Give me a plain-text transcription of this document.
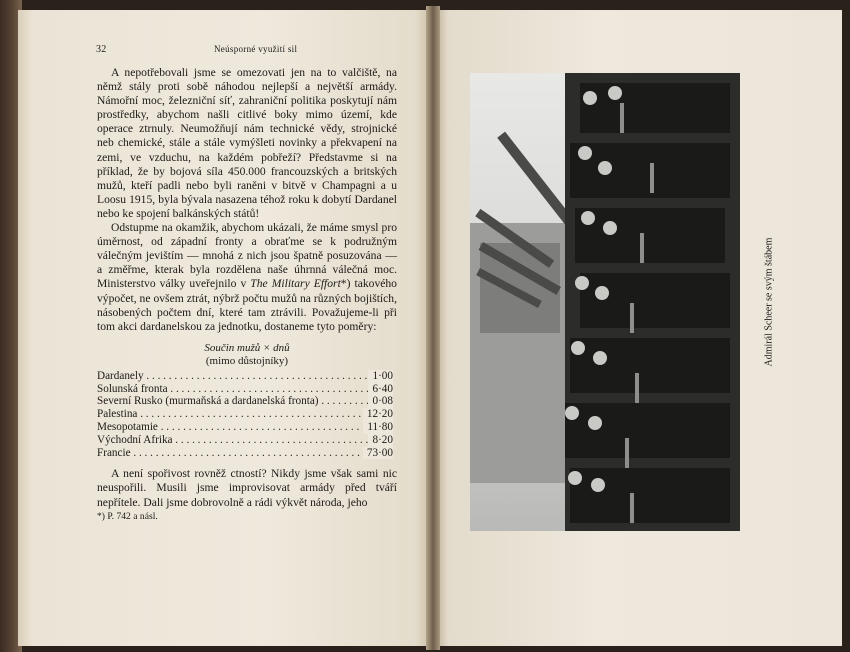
32	Neúsporné využití sil

A nepotřebovali jsme se omezovati jen na to valčiště, na němž stály proti sobě náhodou nejlepší a největší armády. Námořní moc, železniční síť, zahraniční politika poskytují nám prostředky, abychom našli citlivé boky mimo území, kde operace ztrnuly. Neumožňují nám technické vědy, strojnické neb chemické, stále a stále vymýšleti novinky a překvapení na zemi, ve vzduchu, na každém pobřeží? Představme si na příklad, že by bojová síla 450.000 francouzských a britských mužů, kteří padli nebo byli raněni v bitvě v Champagni a u Loosu 1915, byla bývala nasazena téhož roku k dobytí Dardanel nebo ke spojení balkánských států!

Odstupme na okamžik, abychom ukázali, že máme smysl pro úměrnost, od západní fronty a obraťme se k podružným válečným jevištím — mnohá z nich jsou špatně posuzována — a změřme, kterak byla rozdělena naše úhrnná válečná moc. Ministerstvo války uveřejnilo v The Military Effort*) takového výpočet, ne ovšem ztrát, nýbrž počtu mužů na různých bojištích, násobených počtem dní, které tam ztrávili. Považujeme-li při tom akci dardanelskou za jednotku, dostaneme tyto poměry:

Součin mužů × dnů
(mimo důstojníky)
Dardanely . . .	1·00
Solunská fronta . . .	6·40
Severní Rusko (murmaňská a dardanelská fronta) . . .	0·08
Palestina . . .	12·20
Mesopotamie . . .	11·80
Východní Afrika . . .	8·20
Francie . . .	73·00

A není spořivost rovněž ctností? Nikdy jsme však sami nic neuspořili. Musili jsme improvisovat armády před tváří nepřítele. Dali jsme dobrovolně a rádi výkvět národa, jeho

*) P. 742 a násl.

Admirál Scheer se svým štábem
